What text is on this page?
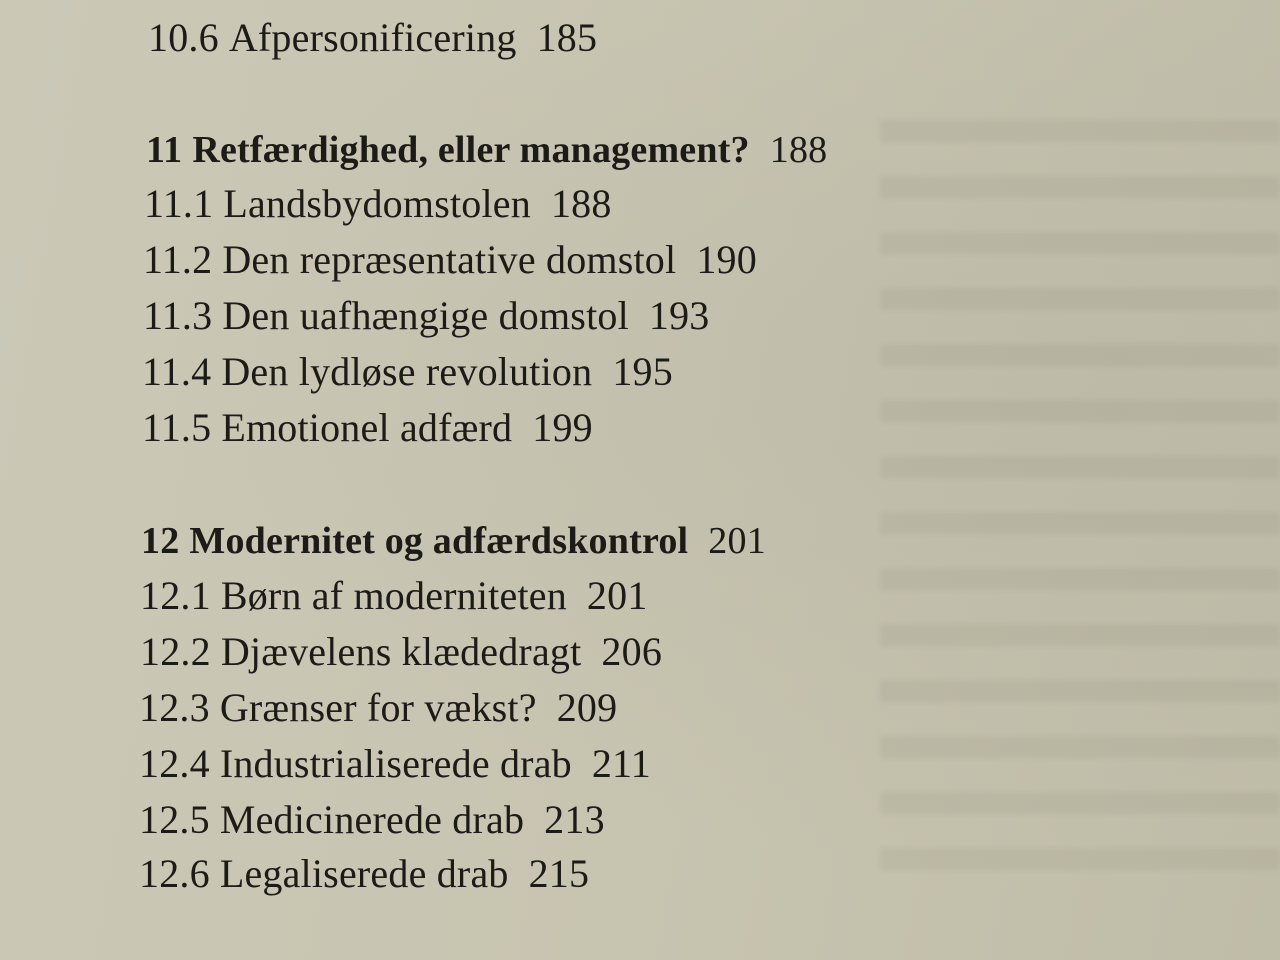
10.6 Afpersonificering 185
11 Retfærdighed, eller management? 188
11.1 Landsbydomstolen 188
11.2 Den repræsentative domstol 190
11.3 Den uafhængige domstol 193
11.4 Den lydløse revolution 195
11.5 Emotionel adfærd 199
12 Modernitet og adfærdskontrol 201
12.1 Børn af moderniteten 201
12.2 Djævelens klædedragt 206
12.3 Grænser for vækst? 209
12.4 Industrialiserede drab 211
12.5 Medicinerede drab 213
12.6 Legaliserede drab 215
